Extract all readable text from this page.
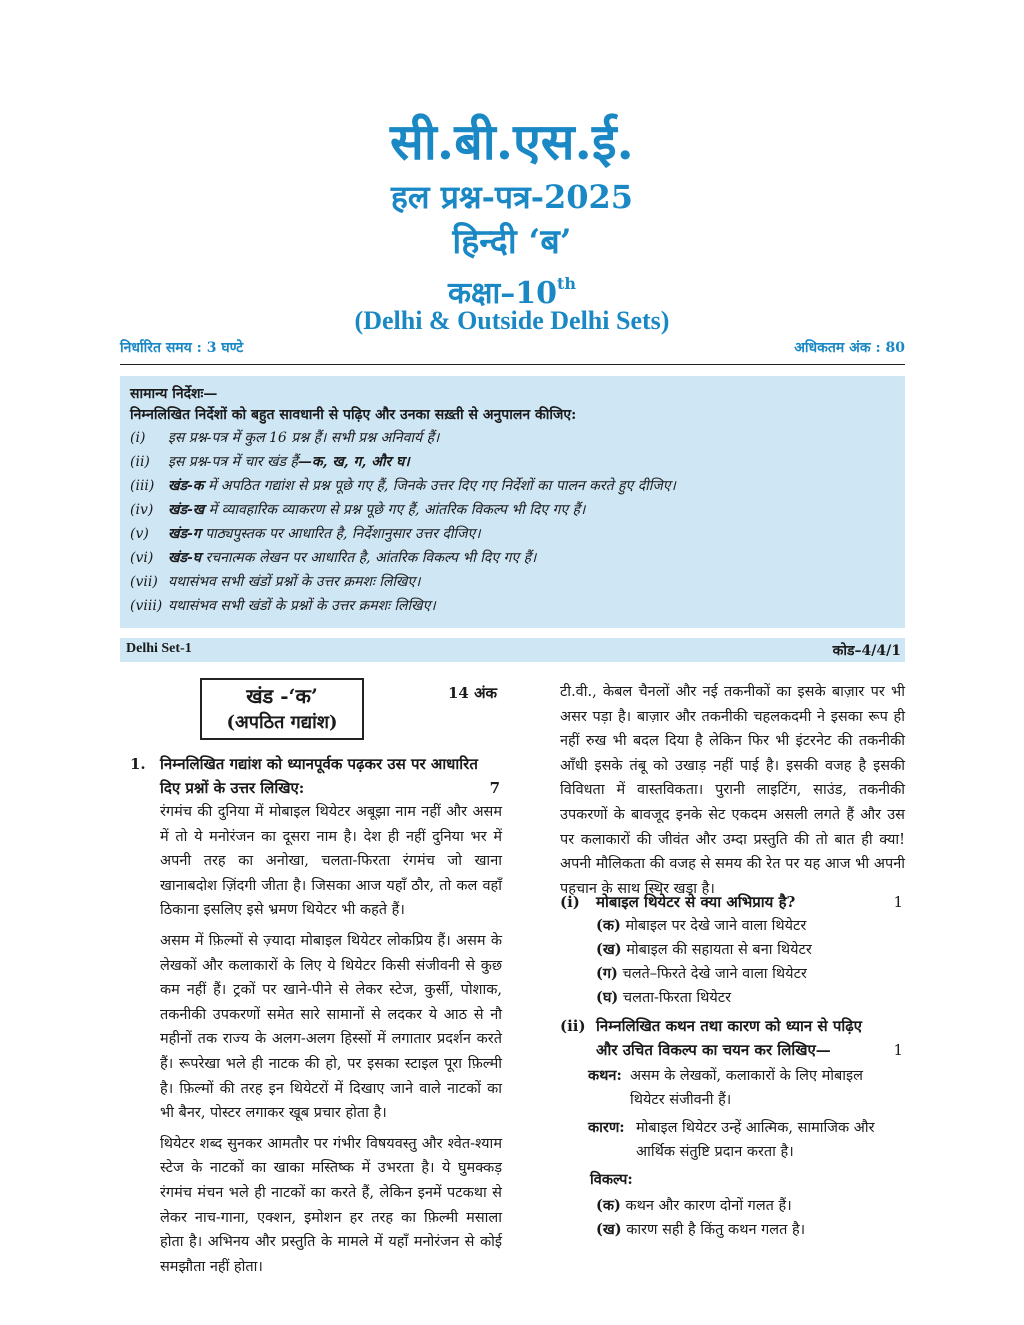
सी.बी.एस.ई.
हल प्रश्न-पत्र-2025
हिन्दी ‘ब’
कक्षा–10th
(Delhi & Outside Delhi Sets)
निर्धारित समय : 3 घण्टे	अधिकतम अंक : 80
सामान्य निर्देशः—
निम्नलिखित निर्देशों को बहुत सावधानी से पढ़िए और उनका सख़्ती से अनुपालन कीजिए:
(i) इस प्रश्न-पत्र में कुल 16 प्रश्न हैं। सभी प्रश्न अनिवार्य हैं।
(ii) इस प्रश्न-पत्र में चार खंड हैं—क, ख, ग, और घ।
(iii) खंड-क में अपठित गद्यांश से प्रश्न पूछे गए हैं, जिनके उत्तर दिए गए निर्देशों का पालन करते हुए दीजिए।
(iv) खंड-ख में व्यावहारिक व्याकरण से प्रश्न पूछे गए हैं, आंतरिक विकल्प भी दिए गए हैं।
(v) खंड-ग पाठ्यपुस्तक पर आधारित है, निर्देशानुसार उत्तर दीजिए।
(vi) खंड-घ रचनात्मक लेखन पर आधारित है, आंतरिक विकल्प भी दिए गए हैं।
(vii) यथासंभव सभी खंडों प्रश्नों के उत्तर क्रमशः लिखिए।
(viii) यथासंभव सभी खंडों के प्रश्नों के उत्तर क्रमशः लिखिए।
Delhi Set-1	कोड–4/4/1
खंड -‘क’
(अपठित गद्यांश)
14 अंक
1. निम्नलिखित गद्यांश को ध्यानपूर्वक पढ़कर उस पर आधारित दिए प्रश्नों के उत्तर लिखिए:	7

रंगमंच की दुनिया में मोबाइल थियेटर अबूझा नाम नहीं और असम में तो ये मनोरंजन का दूसरा नाम है। देश ही नहीं दुनिया भर में अपनी तरह का अनोखा, चलता-फिरता रंगमंच जो खाना खानाबदोश ज़िंदगी जीता है। जिसका आज यहाँ ठौर, तो कल वहाँ ठिकाना इसलिए इसे भ्रमण थियेटर भी कहते हैं।

असम में फ़िल्मों से ज़्यादा मोबाइल थियेटर लोकप्रिय हैं। असम के लेखकों और कलाकारों के लिए ये थियेटर किसी संजीवनी से कुछ कम नहीं हैं। ट्रकों पर खाने-पीने से लेकर स्टेज, कुर्सी, पोशाक, तकनीकी उपकरणों समेत सारे सामानों से लदकर ये आठ से नौ महीनों तक राज्य के अलग-अलग हिस्सों में लगातार प्रदर्शन करते हैं। रूपरेखा भले ही नाटक की हो, पर इसका स्टाइल पूरा फ़िल्मी है। फ़िल्मों की तरह इन थियेटरों में दिखाए जाने वाले नाटकों का भी बैनर, पोस्टर लगाकर खूब प्रचार होता है।

थियेटर शब्द सुनकर आमतौर पर गंभीर विषयवस्तु और श्वेत-श्याम स्टेज के नाटकों का खाका मस्तिष्क में उभरता है। ये घुमक्कड़ रंगमंच मंचन भले ही नाटकों का करते हैं, लेकिन इनमें पटकथा से लेकर नाच-गाना, एक्शन, इमोशन हर तरह का फ़िल्मी मसाला होता है। अभिनय और प्रस्तुति के मामले में यहाँ मनोरंजन से कोई समझौता नहीं होता।

टी.वी., केबल चैनलों और नई तकनीकों का इसके बाज़ार पर भी असर पड़ा है। बाज़ार और तकनीकी चहलकदमी ने इसका रूप ही नहीं रुख भी बदल दिया है लेकिन फिर भी इंटरनेट की तकनीकी आँधी इसके तंबू को उखाड़ नहीं पाई है। इसकी वजह है इसकी विविधता में वास्तविकता। पुरानी लाइटिंग, साउंड, तकनीकी उपकरणों के बावजूद इनके सेट एकदम असली लगते हैं और उस पर कलाकारों की जीवंत और उम्दा प्रस्तुति की तो बात ही क्या! अपनी मौलिकता की वजह से समय की रेत पर यह आज भी अपनी पहचान के साथ स्थिर खड़ा है।

(i) मोबाइल थियेटर से क्या अभिप्राय है?	1
(क) मोबाइल पर देखे जाने वाला थियेटर
(ख) मोबाइल की सहायता से बना थियेटर
(ग) चलते–फिरते देखे जाने वाला थियेटर
(घ) चलता-फिरता थियेटर
(ii) निम्नलिखित कथन तथा कारण को ध्यान से पढ़िए
और उचित विकल्प का चयन कर लिखिए—	1
कथन: असम के लेखकों, कलाकारों के लिए मोबाइल
थियेटर संजीवनी हैं।
कारण: मोबाइल थियेटर उन्हें आत्मिक, सामाजिक और
आर्थिक संतुष्टि प्रदान करता है।
विकल्प:
(क) कथन और कारण दोनों गलत हैं।
(ख) कारण सही है किंतु कथन गलत है।
